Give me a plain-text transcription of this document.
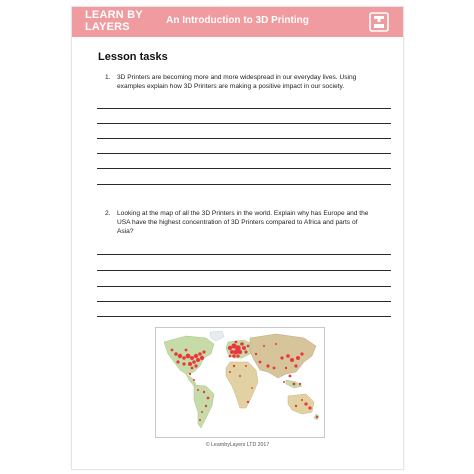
LEARN BY
LAYERS
An Introduction to 3D Printing
Lesson tasks
1. 3D Printers are becoming more and more widespread in our everyday lives. Using examples explain how 3D Printers are making a positive impact in our society.
2. Looking at the map of all the 3D Printers in the world. Explain why has Europe and the USA have the highest concentration of 3D Printers compared to Africa and parts of Asia?
© LearnbyLayers LTD 2017
